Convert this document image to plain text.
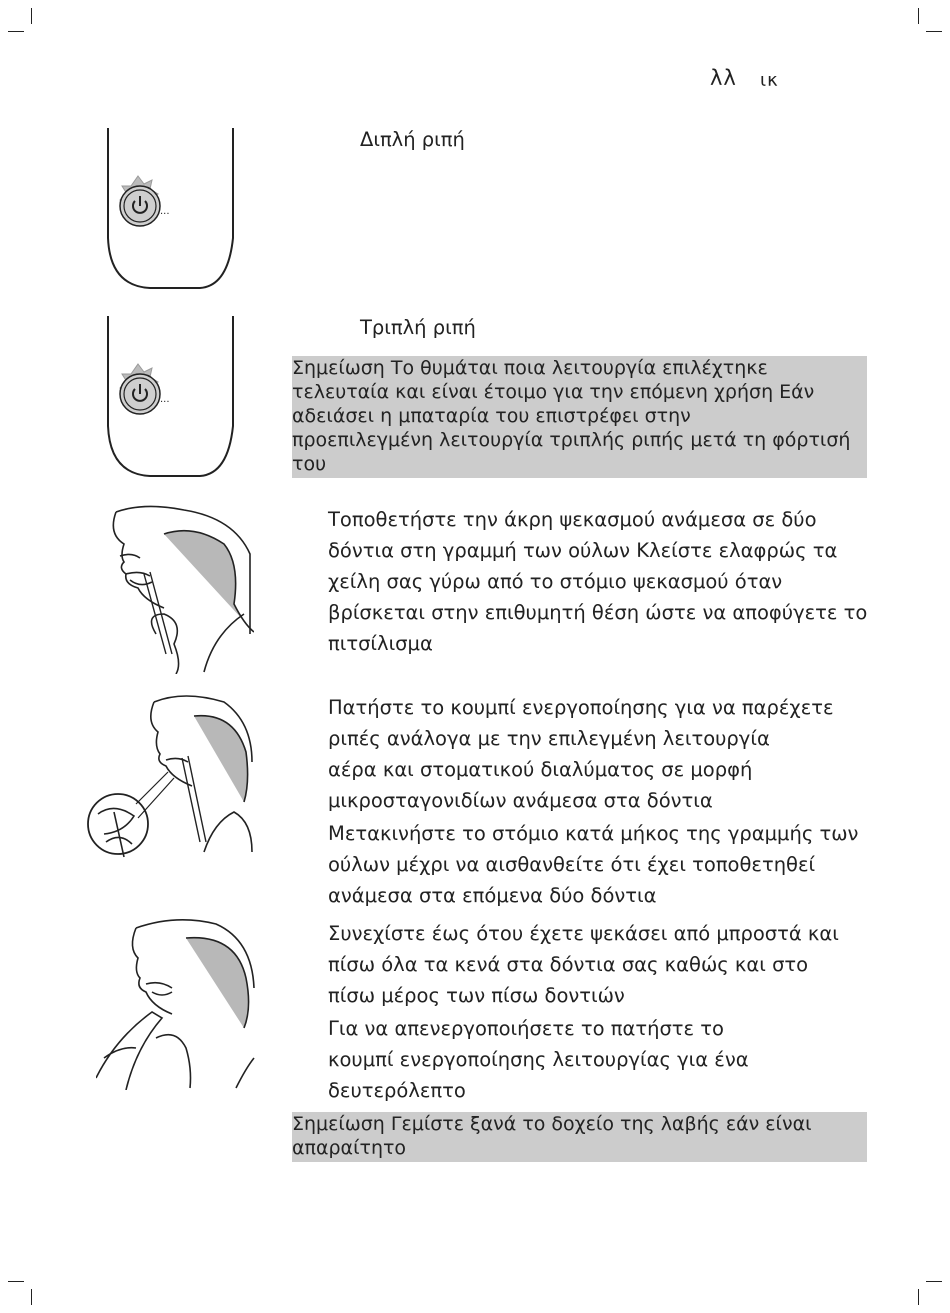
λλ ικ
...
Διπλή ριπή
...
Τριπλή ριπή
Σημείωση Το θυμάται ποια λειτουργία επιλέχτηκε
τελευταία και είναι έτοιμο για την επόμενη χρήση Εάν
αδειάσει η μπαταρία του επιστρέφει στην
προεπιλεγμένη λειτουργία τριπλής ριπής μετά τη φόρτισή
του
Τοποθετήστε την άκρη ψεκασμού ανάμεσα σε δύο
δόντια στη γραμμή των ούλων Κλείστε ελαφρώς τα
χείλη σας γύρω από το στόμιο ψεκασμού όταν
βρίσκεται στην επιθυμητή θέση ώστε να αποφύγετε το
πιτσίλισμα
Πατήστε το κουμπί ενεργοποίησης για να παρέχετε
ριπές ανάλογα με την επιλεγμένη λειτουργία
αέρα και στοματικού διαλύματος σε μορφή
μικροσταγονιδίων ανάμεσα στα δόντια
Μετακινήστε το στόμιο κατά μήκος της γραμμής των
ούλων μέχρι να αισθανθείτε ότι έχει τοποθετηθεί
ανάμεσα στα επόμενα δύο δόντια
Συνεχίστε έως ότου έχετε ψεκάσει από μπροστά και
πίσω όλα τα κενά στα δόντια σας καθώς και στο
πίσω μέρος των πίσω δοντιών
Για να απενεργοποιήσετε το πατήστε το
κουμπί ενεργοποίησης λειτουργίας για ένα
δευτερόλεπτο
Σημείωση Γεμίστε ξανά το δοχείο της λαβής εάν είναι
απαραίτητο
